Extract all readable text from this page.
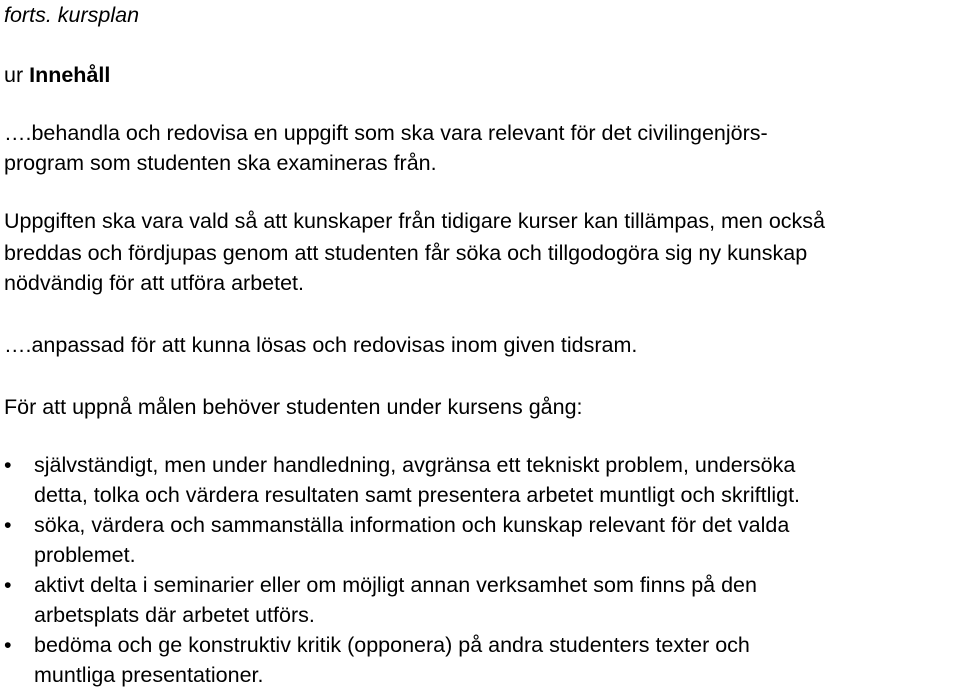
forts. kursplan

ur Innehåll

….behandla och redovisa en uppgift som ska vara relevant för det civilingenjörs-

program som studenten ska examineras från.

Uppgiften ska vara vald så att kunskaper från tidigare kurser kan tillämpas, men också

breddas och fördjupas genom att studenten får söka och tillgodogöra sig ny kunskap

nödvändig för att utföra arbetet.

….anpassad för att kunna lösas och redovisas inom given tidsram.

För att uppnå målen behöver studenten under kursens gång:

• självständigt, men under handledning, avgränsa ett tekniskt problem, undersöka
detta, tolka och värdera resultaten samt presentera arbetet muntligt och skriftligt.
• söka, värdera och sammanställa information och kunskap relevant för det valda
problemet.
• aktivt delta i seminarier eller om möjligt annan verksamhet som finns på den
arbetsplats där arbetet utförs.
• bedöma och ge konstruktiv kritik (opponera) på andra studenters texter och
muntliga presentationer.
